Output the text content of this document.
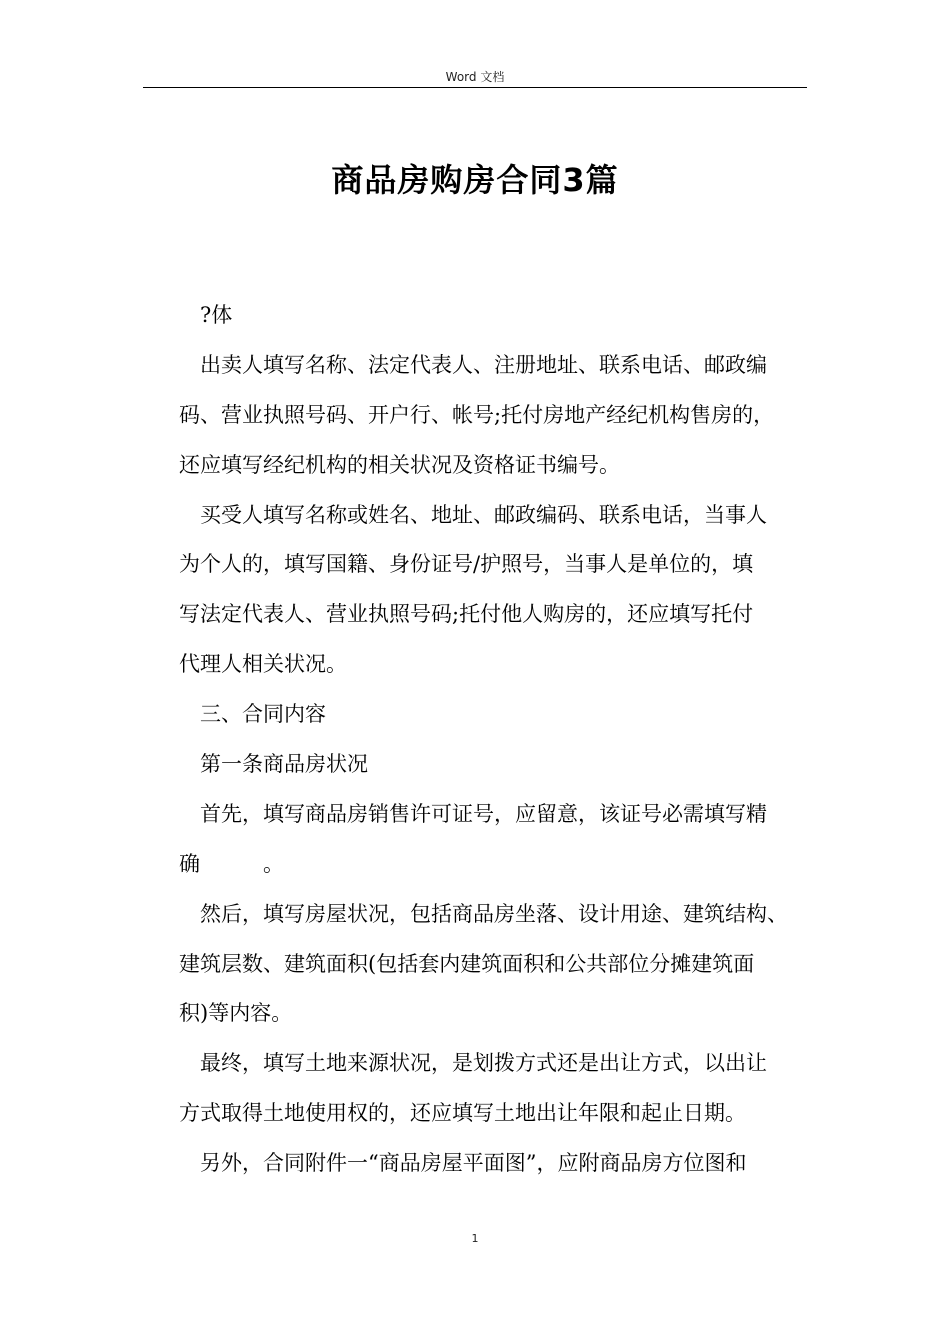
Word 文档
商品房购房合同3篇
?体
出卖人填写名称、法定代表人、注册地址、联系电话、邮政编
码、营业执照号码、开户行、帐号;托付房地产经纪机构售房的，
还应填写经纪机构的相关状况及资格证书编号。
买受人填写名称或姓名、地址、邮政编码、联系电话，当事人
为个人的，填写国籍、身份证号/护照号，当事人是单位的，填
写法定代表人、营业执照号码;托付他人购房的，还应填写托付
代理人相关状况。
三、合同内容
第一条商品房状况
首先，填写商品房销售许可证号，应留意，该证号必需填写精
确　　　。
然后，填写房屋状况，包括商品房坐落、设计用途、建筑结构、
建筑层数、建筑面积(包括套内建筑面积和公共部位分摊建筑面
积)等内容。
最终，填写土地来源状况，是划拨方式还是出让方式，以出让
方式取得土地使用权的，还应填写土地出让年限和起止日期。
另外，合同附件一“商品房屋平面图”，应附商品房方位图和
1
